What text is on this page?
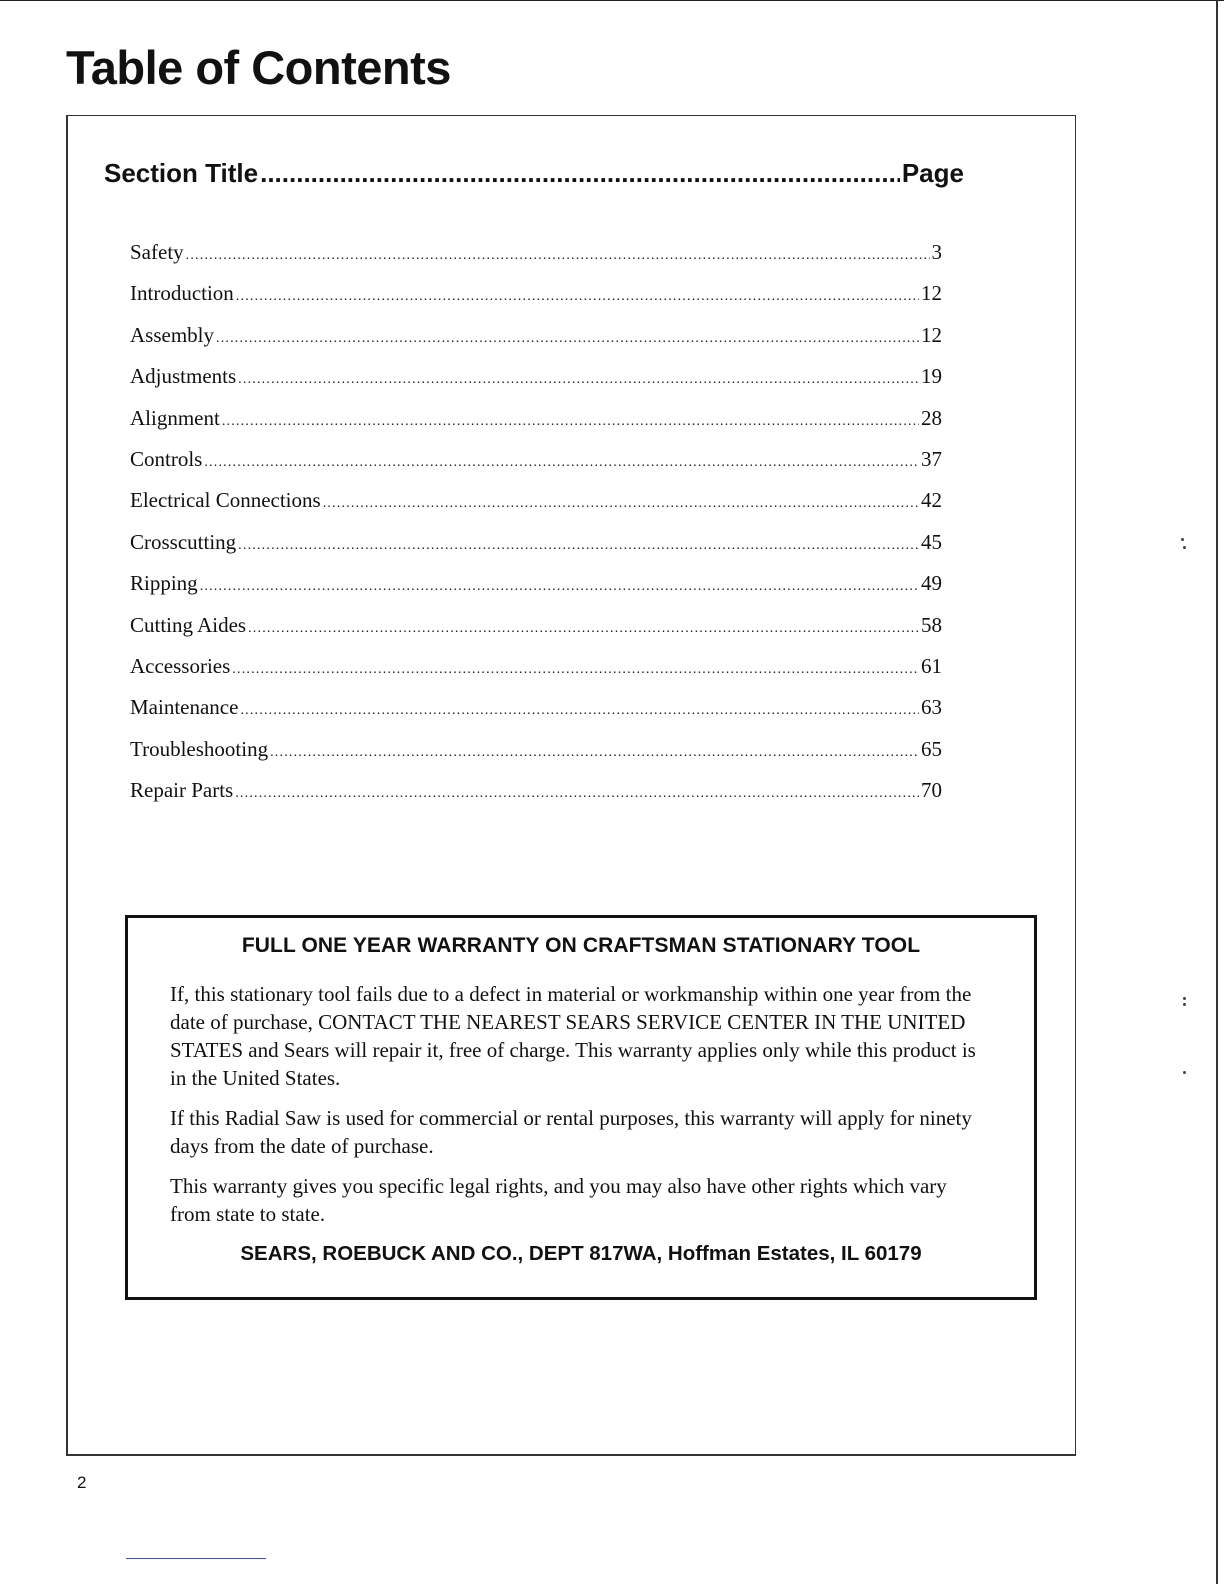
Table of Contents
Section Title .....	Page
Safety .....	3
Introduction .....	12
Assembly .....	12
Adjustments .....	19
Alignment .....	28
Controls .....	37
Electrical Connections .....	42
Crosscutting .....	45
Ripping .....	49
Cutting Aides .....	58
Accessories .....	61
Maintenance .....	63
Troubleshooting .....	65
Repair Parts .....	70

FULL ONE YEAR WARRANTY ON CRAFTSMAN STATIONARY TOOL

If, this stationary tool fails due to a defect in material or workmanship within one year from the date of purchase, CONTACT THE NEAREST SEARS SERVICE CENTER IN THE UNITED STATES and Sears will repair it, free of charge. This warranty applies only while this product is in the United States.

If this Radial Saw is used for commercial or rental purposes, this warranty will apply for ninety days from the date of purchase.

This warranty gives you specific legal rights, and you may also have other rights which vary from state to state.

SEARS, ROEBUCK AND CO., DEPT 817WA, Hoffman Estates, IL 60179

2
